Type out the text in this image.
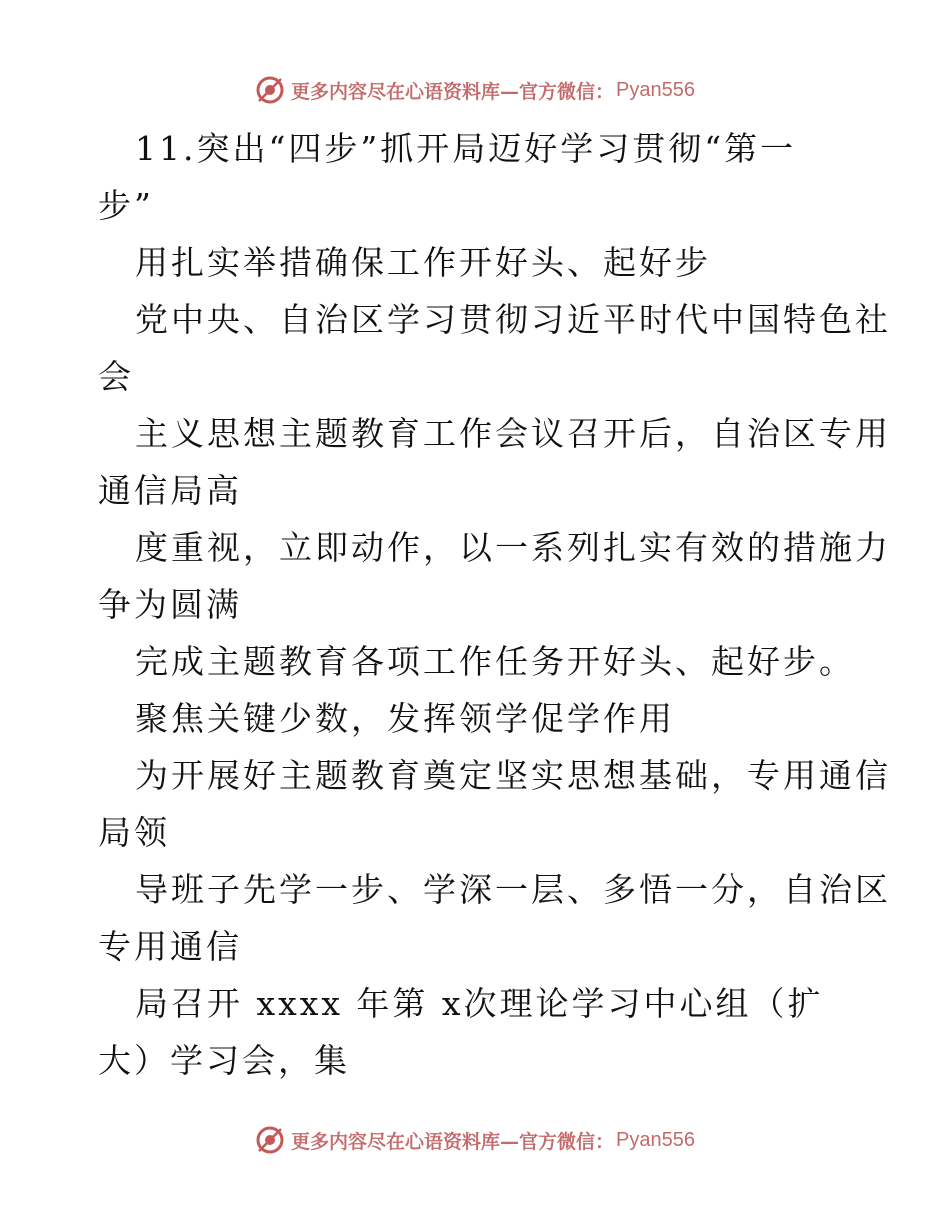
更多内容尽在心语资料库 —官方微信： Pyan556
11.突出“四步”抓开局迈好学习贯彻“第一
步”
用扎实举措确保工作开好头、起好步
党中央、自治区学习贯彻习近平时代中国特色社
会
主义思想主题教育工作会议召开后，自治区专用
通信局高
度重视，立即动作，以一系列扎实有效的措施力
争为圆满
完成主题教育各项工作任务开好头、起好步。
聚焦关键少数，发挥领学促学作用
为开展好主题教育奠定坚实思想基础，专用通信
局领
导班子先学一步、学深一层、多悟一分，自治区
专用通信
局召开 xxxx 年第 x次理论学习中心组（扩
大）学习会，集
更多内容尽在心语资料库 —官方微信： Pyan556
